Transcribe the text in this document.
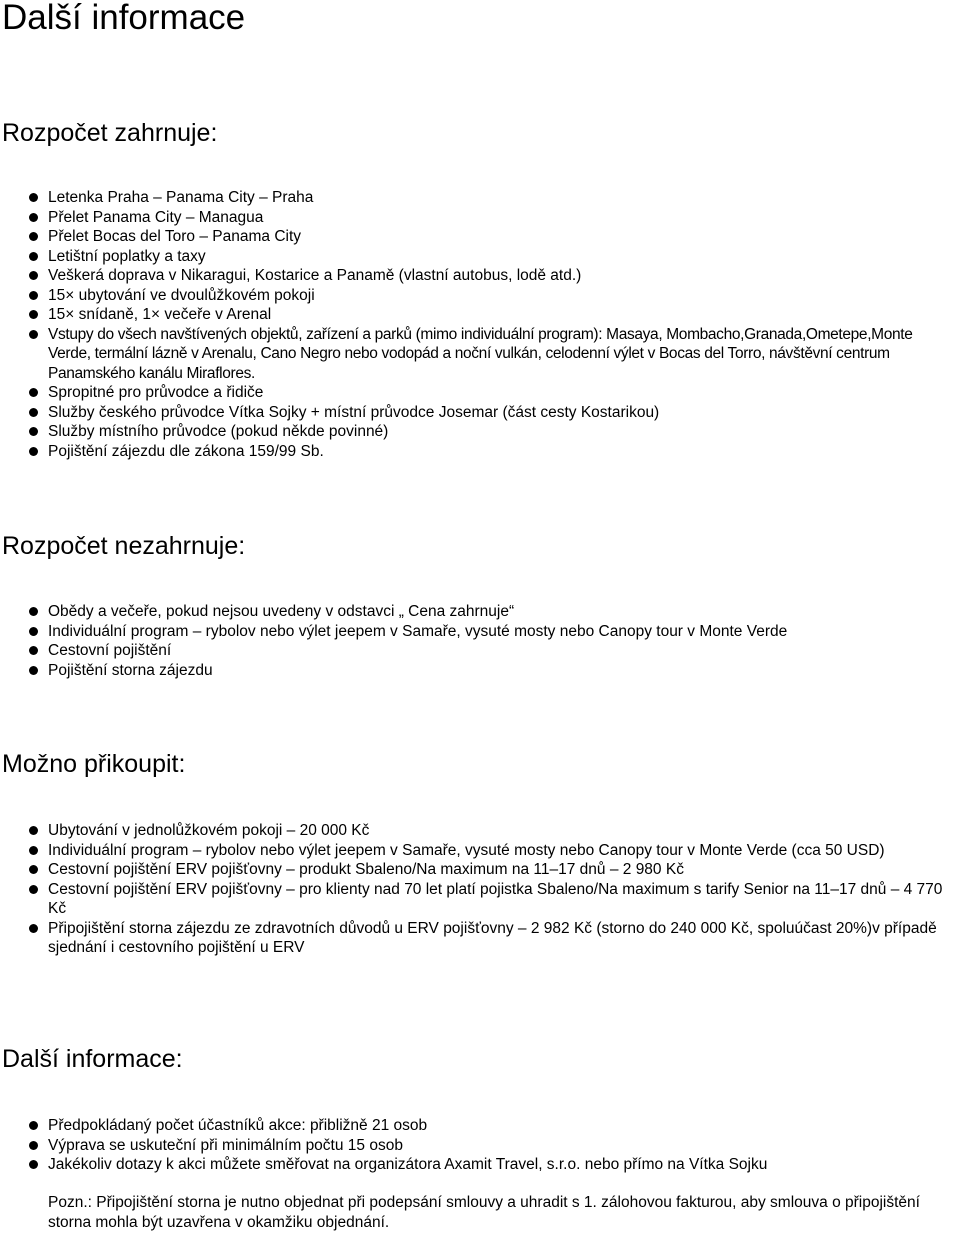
Další informace
Rozpočet zahrnuje:
Letenka Praha – Panama City – Praha
Přelet Panama City – Managua
Přelet Bocas del Toro – Panama City
Letištní poplatky a taxy
Veškerá doprava v Nikaragui, Kostarice a Panamě (vlastní autobus, lodě atd.)
15× ubytování ve dvoulůžkovém pokoji
15× snídaně, 1× večeře v Arenal
Vstupy do všech navštívených objektů, zařízení a parků (mimo individuální program): Masaya, Mombacho,Granada,Ometepe,Monte Verde, termální lázně v Arenalu, Cano Negro nebo vodopád a noční vulkán, celodenní výlet v Bocas del Torro, návštěvní centrum Panamského kanálu Miraflores.
Spropitné pro průvodce a řidiče
Služby českého průvodce Vítka Sojky + místní průvodce Josemar (část cesty Kostarikou)
Služby místního průvodce (pokud někde povinné)
Pojištění zájezdu dle zákona 159/99 Sb.
Rozpočet nezahrnuje:
Obědy a večeře, pokud nejsou uvedeny v odstavci „ Cena zahrnuje“
Individuální program – rybolov nebo výlet jeepem v Samaře, vysuté mosty nebo Canopy tour v Monte Verde
Cestovní pojištění
Pojištění storna zájezdu
Možno přikoupit:
Ubytování v jednolůžkovém pokoji – 20 000 Kč
Individuální program – rybolov nebo výlet jeepem v Samaře, vysuté mosty nebo Canopy tour v Monte Verde (cca 50 USD)
Cestovní pojištění ERV pojišťovny – produkt Sbaleno/Na maximum na 11–17 dnů – 2 980 Kč
Cestovní pojištění ERV pojišťovny – pro klienty nad 70 let platí pojistka Sbaleno/Na maximum s tarify Senior na 11–17 dnů – 4 770 Kč
Připojištění storna zájezdu ze zdravotních důvodů u ERV pojišťovny – 2 982 Kč (storno do 240 000 Kč, spoluúčast 20%)v případě sjednání i cestovního pojištění u ERV
Další informace:
Předpokládaný počet účastníků akce: přibližně 21 osob
Výprava se uskuteční při minimálním počtu 15 osob
Jakékoliv dotazy k akci můžete směřovat na organizátora Axamit Travel, s.r.o. nebo přímo na Vítka Sojku

Pozn.: Připojištění storna je nutno objednat při podepsání smlouvy a uhradit s 1. zálohovou fakturou, aby smlouva o připojištění storna mohla být uzavřena v okamžiku objednání.
